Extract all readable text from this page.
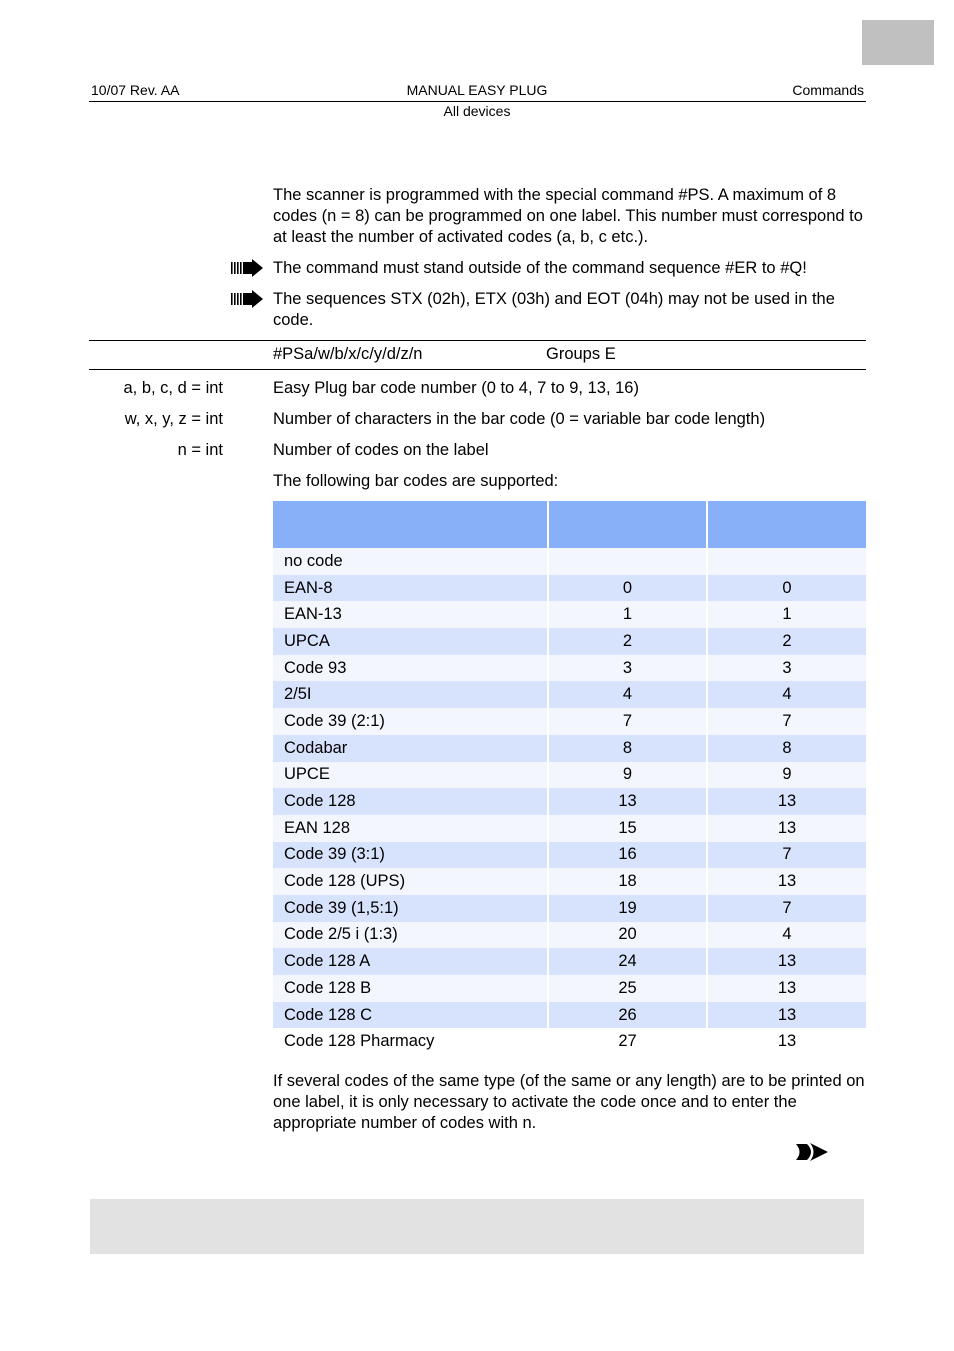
10/07 Rev. AA	MANUAL EASY PLUG	Commands
All devices
The scanner is programmed with the special command #PS. A maximum of 8 codes (n = 8) can be programmed on one label. This number must correspond to at least the number of activated codes (a, b, c etc.).
The command must stand outside of the command sequence #ER to #Q!
The sequences STX (02h), ETX (03h) and EOT (04h) may not be used in the code.
#PSa/w/b/x/c/y/d/z/n	Groups E
a, b, c, d = int	Easy Plug bar code number (0 to 4, 7 to 9, 13, 16)
w, x, y, z = int	Number of characters in the bar code (0 = variable bar code length)
n = int	Number of codes on the label
The following bar codes are supported:

no code		
EAN-8	0	0
EAN-13	1	1
UPCA	2	2
Code 93	3	3
2/5I	4	4
Code 39 (2:1)	7	7
Codabar	8	8
UPCE	9	9
Code 128	13	13
EAN 128	15	13
Code 39 (3:1)	16	7
Code 128 (UPS)	18	13
Code 39 (1,5:1)	19	7
Code 2/5 i (1:3)	20	4
Code 128 A	24	13
Code 128 B	25	13
Code 128 C	26	13
Code 128 Pharmacy	27	13
If several codes of the same type (of the same or any length) are to be printed on one label, it is only necessary to activate the code once and to enter the appropriate number of codes with n.
